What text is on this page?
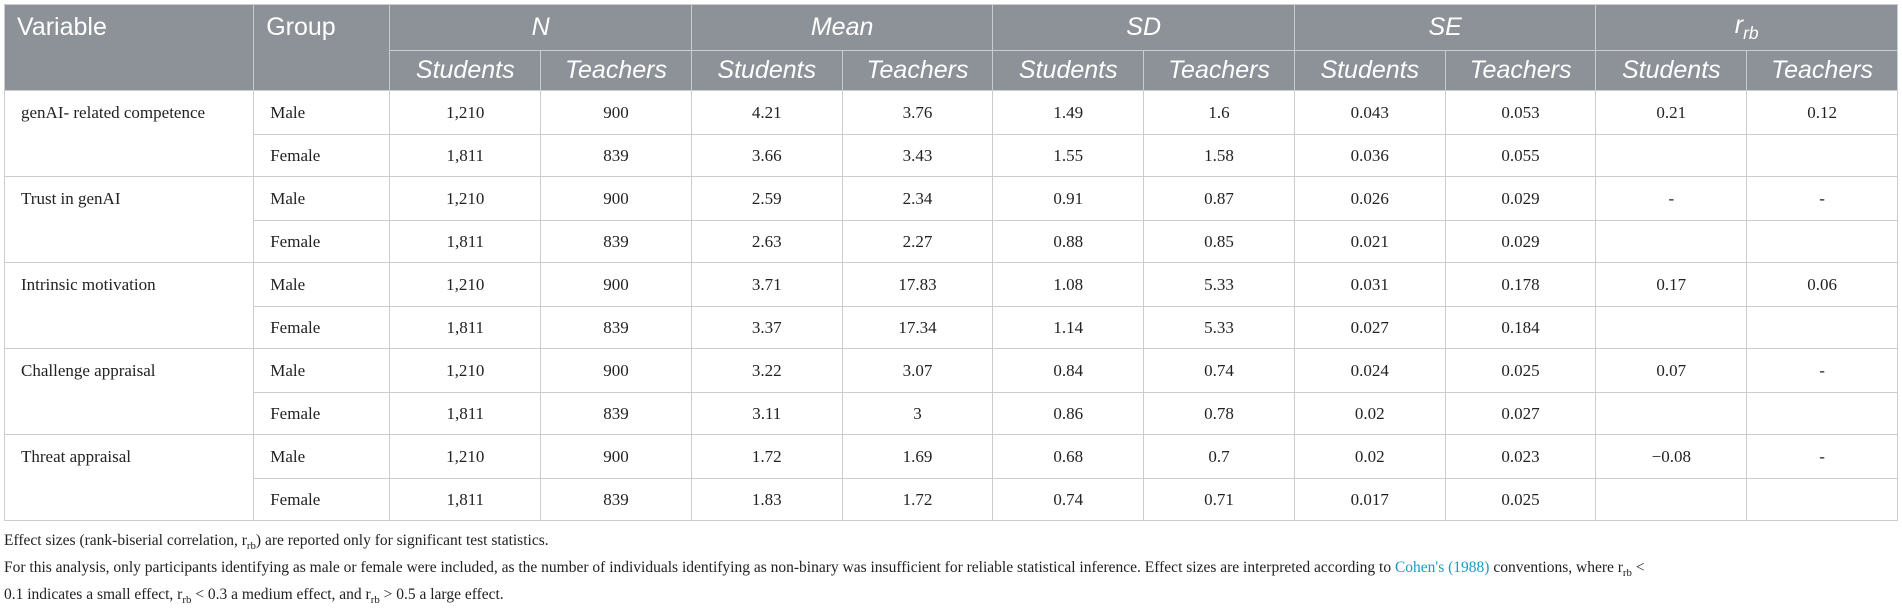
Variable	Group	N		Mean		SD		SE		$r_{rb}$
		Students	Teachers	Students	Teachers	Students	Teachers	Students	Teachers	Students	Teachers
genAI- related competence	Male	1,210	900	4.21	3.76	1.49	1.6	0.043	0.053	0.21	0.12
	Female	1,811	839	3.66	3.43	1.55	1.58	0.036	0.055		
Trust in genAI	Male	1,210	900	2.59	2.34	0.91	0.87	0.026	0.029	-	-
	Female	1,811	839	2.63	2.27	0.88	0.85	0.021	0.029		
Intrinsic motivation	Male	1,210	900	3.71	17.83	1.08	5.33	0.031	0.178	0.17	0.06
	Female	1,811	839	3.37	17.34	1.14	5.33	0.027	0.184		
Challenge appraisal	Male	1,210	900	3.22	3.07	0.84	0.74	0.024	0.025	0.07	-
	Female	1,811	839	3.11	3	0.86	0.78	0.02	0.027		
Threat appraisal	Male	1,210	900	1.72	1.69	0.68	0.7	0.02	0.023	−0.08	-
	Female	1,811	839	1.83	1.72	0.74	0.71	0.017	0.025		

Effect sizes (rank-biserial correlation, $r_{rb}$) are reported only for significant test statistics.

For this analysis, only participants identifying as male or female were included, as the number of individuals identifying as non-binary was insufficient for reliable statistical inference. Effect sizes are interpreted according to Cohen's (1988) conventions, where $r_{rb}$ <
0.1 indicates a small effect, $r_{rb} < 0.3$ a medium effect, and $r_{rb} > 0.5$ a large effect.
